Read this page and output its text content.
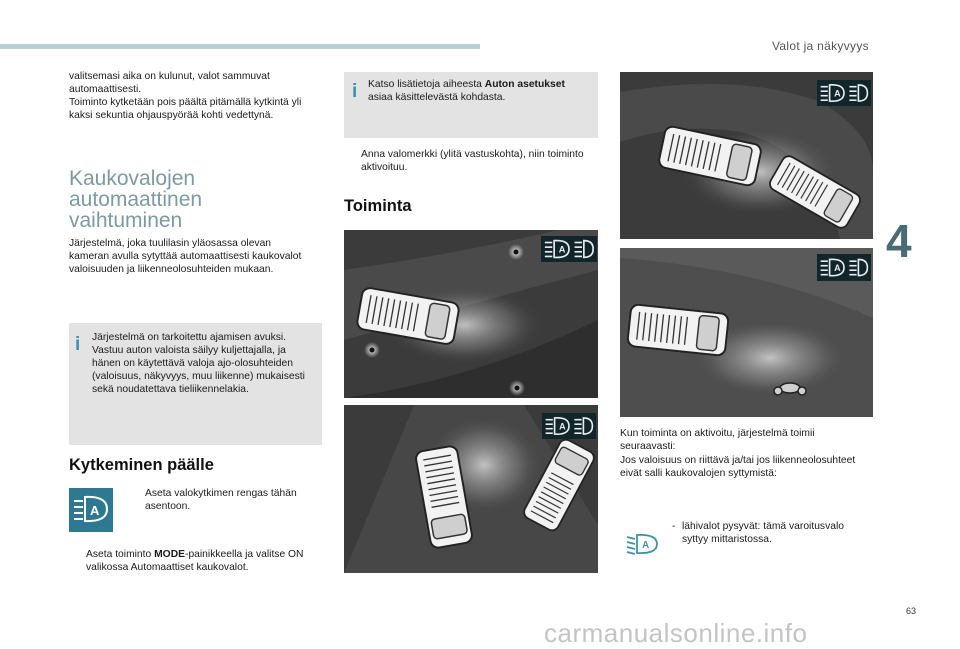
Valot ja näkyvyys
4

valitsemasi aika on kulunut, valot sammuvat

automaattisesti.

Toiminto kytketään pois päältä pitämällä kytkintä yli

kaksi sekuntia ohjauspyörää kohti vedettynä.

Kaukovalojen
automaattinen
vaihtuminen

Järjestelmä, joka tuulilasin yläosassa olevan

kameran avulla sytyttää automaattisesti kaukovalot

valoisuuden ja liikenneolosuhteiden mukaan.

i Järjestelmä on tarkoitettu ajamisen avuksi.

Vastuu auton valoista säilyy kuljettajalla, ja

hänen on käytettävä valoja ajo-olosuhteiden

(valoisuus, näkyvyys, muu liikenne) mukaisesti

sekä noudatettava tieliikennelakia.

Kytkeminen päälle
A

Aseta valokytkimen rengas tähän

asentoon.

Aseta toiminto MODE-painikkeella ja valitse ON

valikossa Automaattiset kaukovalot.

i Katso lisätietoja aiheesta Auton asetukset

asiaa käsittelevästä kohdasta.

Anna valomerkki (ylitä vastuskohta), niin toiminto

aktivoituu.

Toiminta

Kun toiminta on aktivoitu, järjestelmä toimii

seuraavasti:

Jos valoisuus on riittävä ja/tai jos liikenneolosuhteet

eivät salli kaukovalojen syttymistä:

A
- lähivalot pysyvät: tämä varoitusvalo

syttyy mittaristossa.

63
carmanualsonline.info
